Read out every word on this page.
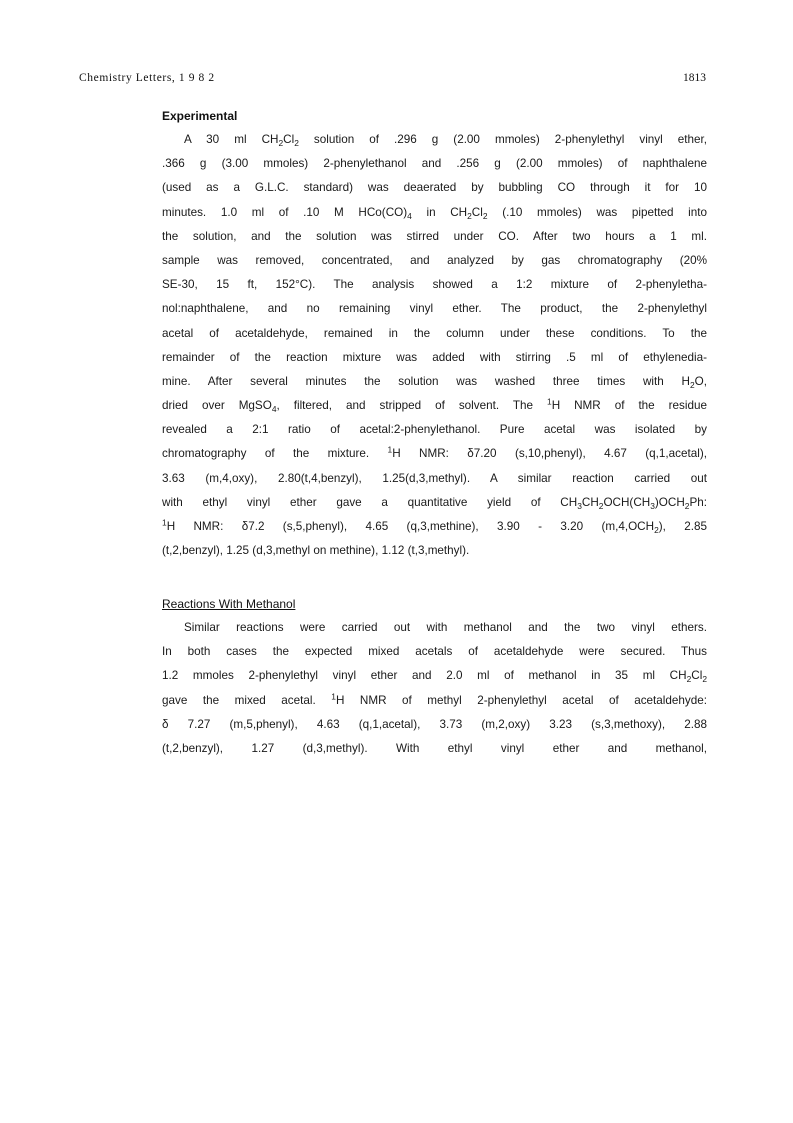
Chemistry Letters, 1 9 8 2	1813
Experimental
A 30 ml $CH_2Cl_2$ solution of .296 g (2.00 mmoles) 2-phenylethyl vinyl ether,
.366 g (3.00 mmoles) 2-phenylethanol and .256 g (2.00 mmoles) of naphthalene
(used as a G.L.C. standard) was deaerated by bubbling CO through it for 10
minutes. 1.0 ml of .10 M $HCo(CO)_4$ in $CH_2Cl_2$ (.10 mmoles) was pipetted into
the solution, and the solution was stirred under CO. After two hours a 1 ml.
sample was removed, concentrated, and analyzed by gas chromatography (20%
SE-30, 15 ft, 152°C). The analysis showed a 1:2 mixture of 2-phenyletha-
nol:naphthalene, and no remaining vinyl ether. The product, the 2-phenylethyl
acetal of acetaldehyde, remained in the column under these conditions. To the
remainder of the reaction mixture was added with stirring .5 ml of ethylenedia-
mine. After several minutes the solution was washed three times with $H_2O$,
dried over MgSO$_4$, filtered, and stripped of solvent. The $^1$H NMR of the residue
revealed a 2:1 ratio of acetal:2-phenylethanol. Pure acetal was isolated by
chromatography of the mixture. $^1$H NMR: δ7.20 (s,10,phenyl), 4.67 (q,1,acetal),
3.63 (m,4,oxy), 2.80(t,4,benzyl), 1.25(d,3,methyl). A similar reaction carried out
with ethyl vinyl ether gave a quantitative yield of $CH_3CH_2OCH(CH_3)OCH_2Ph$:
$^1$H NMR: δ7.2 (s,5,phenyl), 4.65 (q,3,methine), 3.90 - 3.20 $(m,4,OCH_2)$, 2.85
(t,2,benzyl), 1.25 (d,3,methyl on methine), 1.12 (t,3,methyl).
Reactions With Methanol
Similar reactions were carried out with methanol and the two vinyl ethers.
In both cases the expected mixed acetals of acetaldehyde were secured. Thus
1.2 mmoles 2-phenylethyl vinyl ether and 2.0 ml of methanol in 35 ml $CH_2Cl_2$
gave the mixed acetal. $^1$H NMR of methyl 2-phenylethyl acetal of acetaldehyde:
δ 7.27 (m,5,phenyl), 4.63 (q,1,acetal), 3.73 (m,2,oxy) 3.23 (s,3,methoxy), 2.88
(t,2,benzyl), 1.27 (d,3,methyl). With ethyl vinyl ether and methanol,
